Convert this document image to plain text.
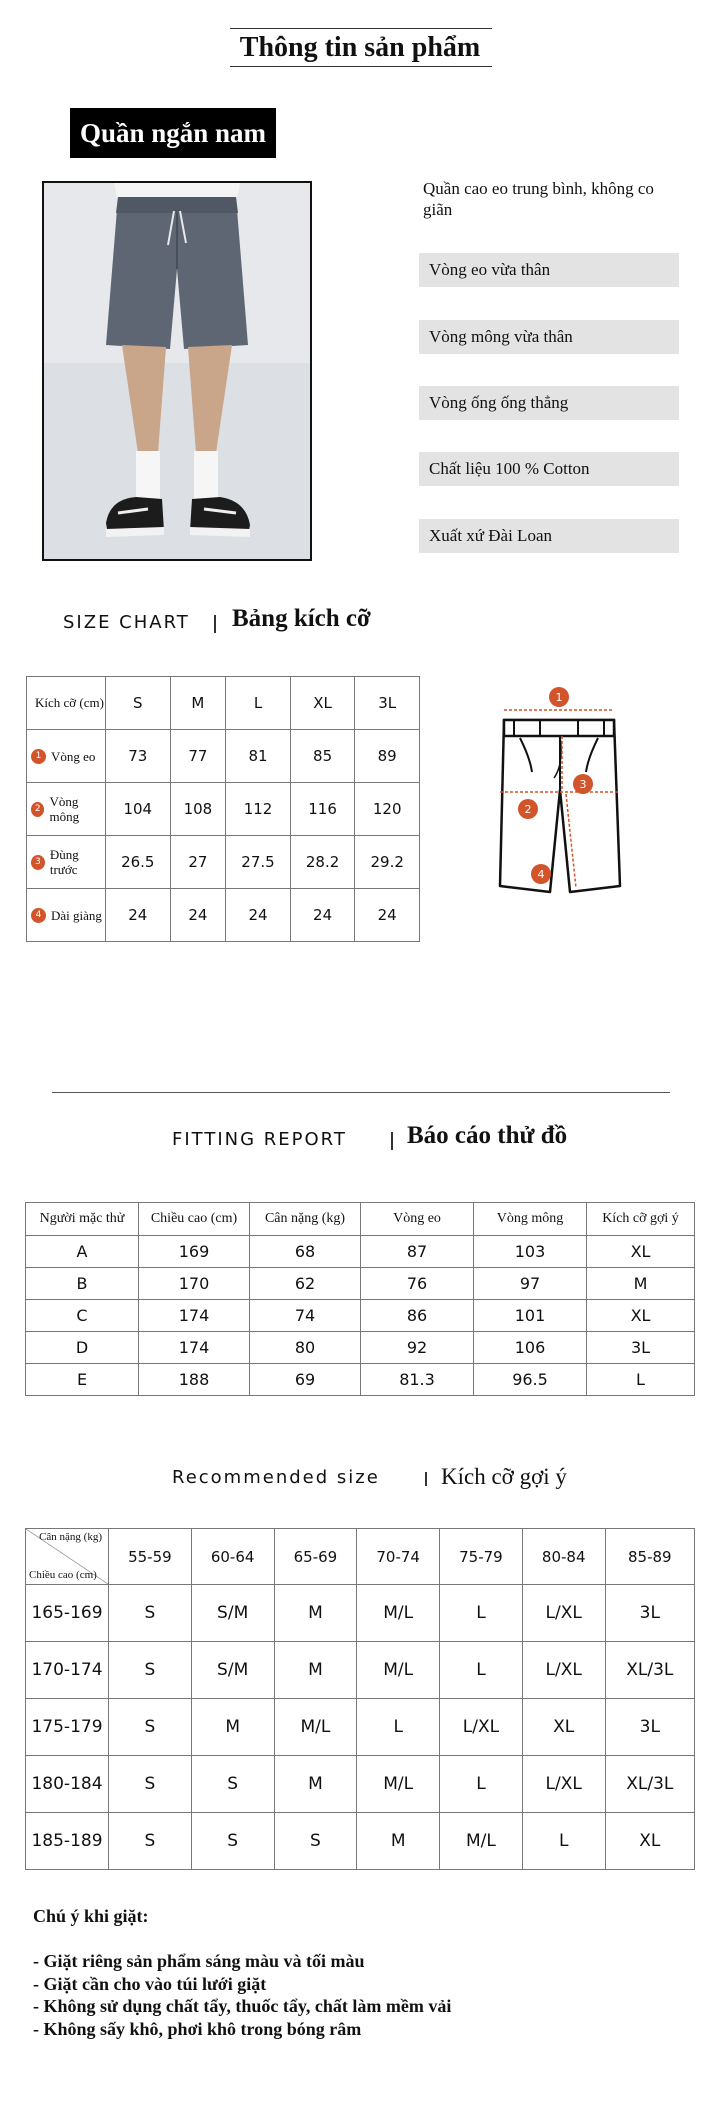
Thông tin sản phẩm
Quần ngắn nam
Quần cao eo trung bình, không co giãn
Vòng eo vừa thân
Vòng mông vừa thân
Vòng ống ống thẳng
Chất liệu 100 % Cotton
Xuất xứ Đài Loan
SIZE CHART Bảng kích cỡ
Kích cỡ (cm)	S	M	L	XL	3L

1 Vòng eo	73	77	81	85	89

2 Vòng mông	104	108	112	116	120

3 Đùng trước	26.5	27	27.5	28.2	29.2

4 Dài giàng	24	24	24	24	24
1
2
3
4
FITTING REPORT Báo cáo thử đồ
Người mặc thử	Chiều cao (cm)	Cân nặng (kg)	Vòng eo	Vòng mông	Kích cỡ gợi ý
A	169	68	87	103	XL
B	170	62	76	97	M
C	174	74	86	101	XL
D	174	80	92	106	3L
E	188	69	81.3	96.5	L
Recommended size	Kích cỡ gợi ý
Cân nặng (kg)
Chiều cao (cm)	55-59	60-64	65-69	70-74	75-79	80-84	85-89
165-169	S	S/M	M	M/L	L	L/XL	3L
170-174	S	S/M	M	M/L	L	L/XL	XL/3L
175-179	S	M	M/L	L	L/XL	XL	3L
180-184	S	S	M	M/L	L	L/XL	XL/3L
185-189	S	S	S	M	M/L	L	XL
Chú ý khi giặt:
- Giặt riêng sản phẩm sáng màu và tối màu
- Giặt cần cho vào túi lưới giặt
- Không sử dụng chất tẩy, thuốc tẩy, chất làm mềm vải
- Không sấy khô, phơi khô trong bóng râm
